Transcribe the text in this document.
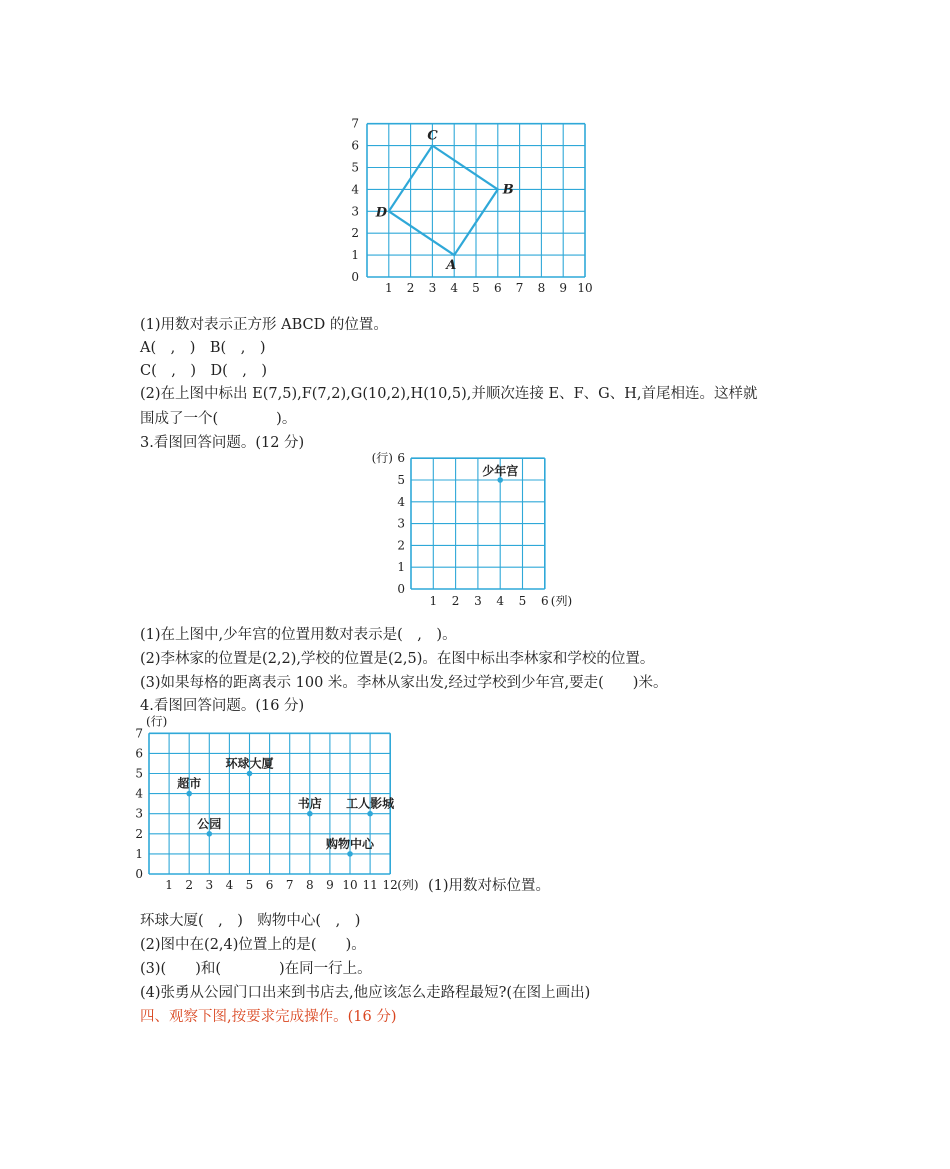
1 2 3 4 5 6 7 8 9 10
0
1
2
3
4
5
6
7
A
B
C
D
1 2 3 4 5 6
0
1
2
3
4
5
6
(行)
(列)
少年宫
1 2 3 4 5 6 7 8 9 10 11 12
0
1
2
3
4
5
6
7
(行)
(列)
超市
公园
环球大厦
书店 工人影城
购物中心
(1)用数对表示正方形 ABCD 的位置。
A(　,　)　B(　,　)
C(　,　)　D(　,　)
(2)在上图中标出 E(7,5),F(7,2),G(10,2),H(10,5),并顺次连接 E、F、G、H,首尾相连。这样就
围成了一个(　　　　)。
3.看图回答问题。(12 分)
(1)在上图中,少年宫的位置用数对表示是(　,　)。
(2)李林家的位置是(2,2),学校的位置是(2,5)。在图中标出李林家和学校的位置。
(3)如果每格的距离表示 100 米。李林从家出发,经过学校到少年宫,要走(　　)米。
4.看图回答问题。(16 分)
(1)用数对标位置。
环球大厦(　,　)　购物中心(　,　)
(2)图中在(2,4)位置上的是(　　)。
(3)(　　)和(　　　　)在同一行上。
(4)张勇从公园门口出来到书店去,他应该怎么走路程最短?(在图上画出)
四、观察下图,按要求完成操作。(16 分)
